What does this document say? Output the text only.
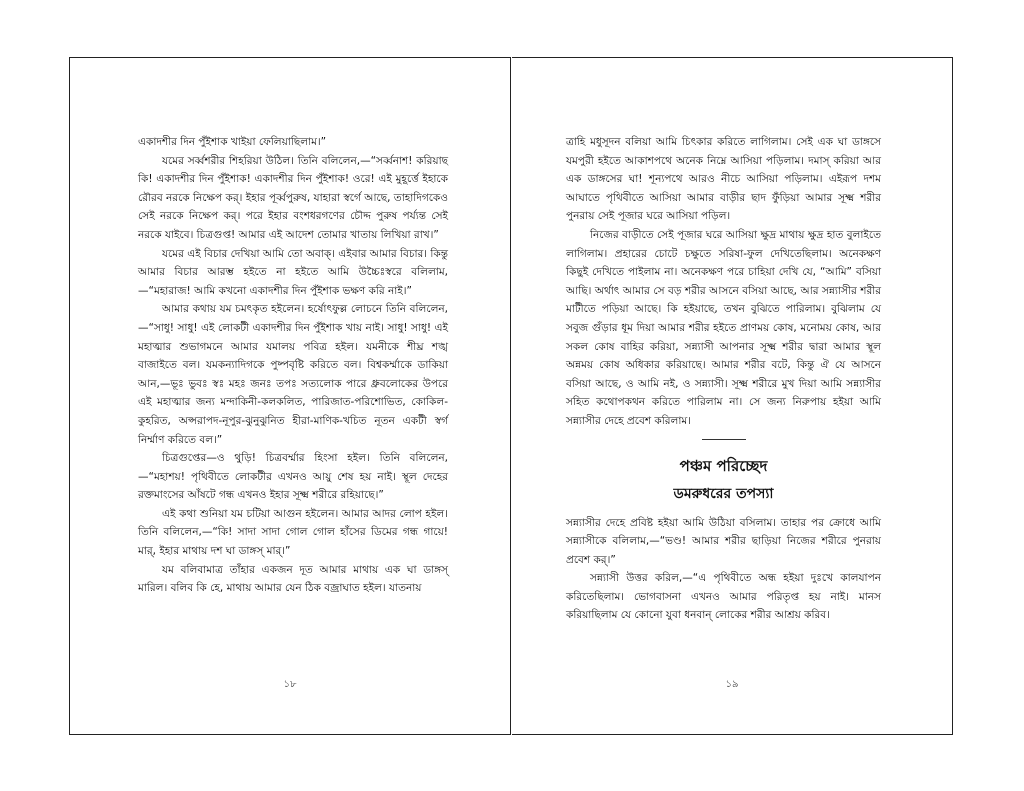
একাদশীর দিন পুঁইশাক খাইয়া ফেলিয়াছিলাম।”

যমের সর্ব্বশরীর শিহরিয়া উঠিল। তিনি বলিলেন,—“সর্ব্বনাশ! করিয়াছ কি! একাদশীর দিন পুঁইশাক! একাদশীর দিন পুঁইশাক! ওরে! এই মুহূর্ত্তে ইহাকে রৌরব নরকে নিক্ষেপ কর্। ইহার পূর্ব্বপুরুষ, যাহারা স্বর্গে আছে, তাহাদিগকেও সেই নরকে নিক্ষেপ কর্। পরে ইহার বংশধরগণের চৌদ্দ পুরুষ পর্য্যন্ত সেই নরকে যাইবে। চিত্রগুপ্ত! আমার এই আদেশ তোমার খাতায় লিখিয়া রাখ।”

যমের এই বিচার দেখিয়া আমি তো অবাক্। এইবার আমার বিচার। কিন্তু আমার বিচার আরম্ভ হইতে না হইতে আমি উচ্চৈঃস্বরে বলিলাম,—“মহারাজ! আমি কখনো একাদশীর দিন পুঁইশাক ভক্ষণ করি নাই।”

আমার কথায় যম চমৎকৃত হইলেন। হর্ষোৎফুল্ল লোচনে তিনি বলিলেন,—“সাধু! সাধু! এই লোকটী একাদশীর দিন পুঁইশাক খায় নাই। সাধু! সাধু! এই মহাত্মার শুভাগমনে আমার যমালয় পবিত্র হইল। যমনীকে শীঘ্র শঙ্খ বাজাইতে বল। যমকন্যাদিগকে পুষ্পবৃষ্টি করিতে বল। বিশ্বকর্ম্মাকে ডাকিয়া আন,—ভূঃ ভুবঃ স্বঃ মহঃ জনঃ তপঃ সত্যলোক পারে ধ্রুবলোকের উপরে এই মহাত্মার জন্য মন্দাকিনী-কলকলিত, পারিজাত-পরিশোভিত, কোকিল-কুহরিত, অপ্সরাপদ-নূপুর-ঝুনুঝুনিত হীরা-মাণিক-খচিত নূতন একটী স্বর্গ নির্ম্মাণ করিতে বল।”

চিত্রগুপ্তের—ও থুড়ি! চিত্রবর্ম্মার হিংসা হইল। তিনি বলিলেন,—“মহাশয়! পৃথিবীতে লোকটীর এখনও আয়ু শেষ হয় নাই। স্থূল দেহের রক্তমাংসের আঁষটে গন্ধ এখনও ইহার সূক্ষ্ম শরীরে রহিয়াছে।”

এই কথা শুনিয়া যম চটিয়া আগুন হইলেন। আমার আদর লোপ হইল। তিনি বলিলেন,—“কি! সাদা সাদা গোল গোল হাঁসের ডিমের গন্ধ গায়ে! মার্, ইহার মাথায় দশ ঘা ডাঙ্গস্ মার্।”

যম বলিবামাত্র তাঁহার একজন দূত আমার মাথায় এক ঘা ডাঙ্গস্ মারিল। বলিব কি হে, মাথায় আমার যেন ঠিক বজ্রাঘাত হইল। যাতনায়

১৮

ত্রাহি মধুসূদন বলিয়া আমি চিৎকার করিতে লাগিলাম। সেই এক ঘা ডাঙ্গসে যমপুরী হইতে আকাশপথে অনেক নিম্নে আসিয়া পড়িলাম। দমাস্ করিয়া আর এক ডাঙ্গসের ঘা! শূন্যপথে আরও নীচে আসিয়া পড়িলাম। এইরূপ দশম আঘাতে পৃথিবীতে আসিয়া আমার বাড়ীর ছাদ ফুঁড়িয়া আমার সূক্ষ্ম শরীর পুনরায় সেই পূজার ঘরে আসিয়া পড়িল।

নিজের বাড়ীতে সেই পূজার ঘরে আসিয়া ক্ষুদ্র মাথায় ক্ষুদ্র হাত বুলাইতে লাগিলাম। প্রহারের চোটে চক্ষুতে সরিষা-ফুল দেখিতেছিলাম। অনেকক্ষণ কিছুই দেখিতে পাইলাম না। অনেকক্ষণ পরে চাহিয়া দেখি যে, “আমি” বসিয়া আছি। অর্থাৎ আমার সে বড় শরীর আসনে বসিয়া আছে, আর সন্ন্যাসীর শরীর মাটীতে পড়িয়া আছে। কি হইয়াছে, তখন বুঝিতে পারিলাম। বুঝিলাম যে সবুজ গুঁড়ার ধূম দিয়া আমার শরীর হইতে প্রাণময় কোষ, মনোময় কোষ, আর সকল কোষ বাহির করিয়া, সন্ন্যাসী আপনার সূক্ষ্ম শরীর দ্বারা আমার স্থূল অন্নময় কোষ অধিকার করিয়াছে। আমার শরীর বটে, কিন্তু ঐ যে আসনে বসিয়া আছে, ও আমি নই, ও সন্ন্যাসী। সূক্ষ্ম শরীরে মুখ দিয়া আমি সন্ন্যাসীর সহিত কথোপকথন করিতে পারিলাম না। সে জন্য নিরুপায় হইয়া আমি সন্ন্যাসীর দেহে প্রবেশ করিলাম।

পঞ্চম পরিচ্ছেদ
ডমরুধরের তপস্যা

সন্ন্যাসীর দেহে প্রবিষ্ট হইয়া আমি উঠিয়া বসিলাম। তাহার পর ক্রোধে আমি সন্ন্যাসীকে বলিলাম,—“ভণ্ড! আমার শরীর ছাড়িয়া নিজের শরীরে পুনরায় প্রবেশ কর্।”

সন্ন্যাসী উত্তর করিল,—“এ পৃথিবীতে অন্ধ হইয়া দুঃখে কালযাপন করিতেছিলাম। ভোগবাসনা এখনও আমার পরিতৃপ্ত হয় নাই। মানস করিয়াছিলাম যে কোনো যুবা ধনবান্ লোকের শরীর আশ্রয় করিব।

১৯
